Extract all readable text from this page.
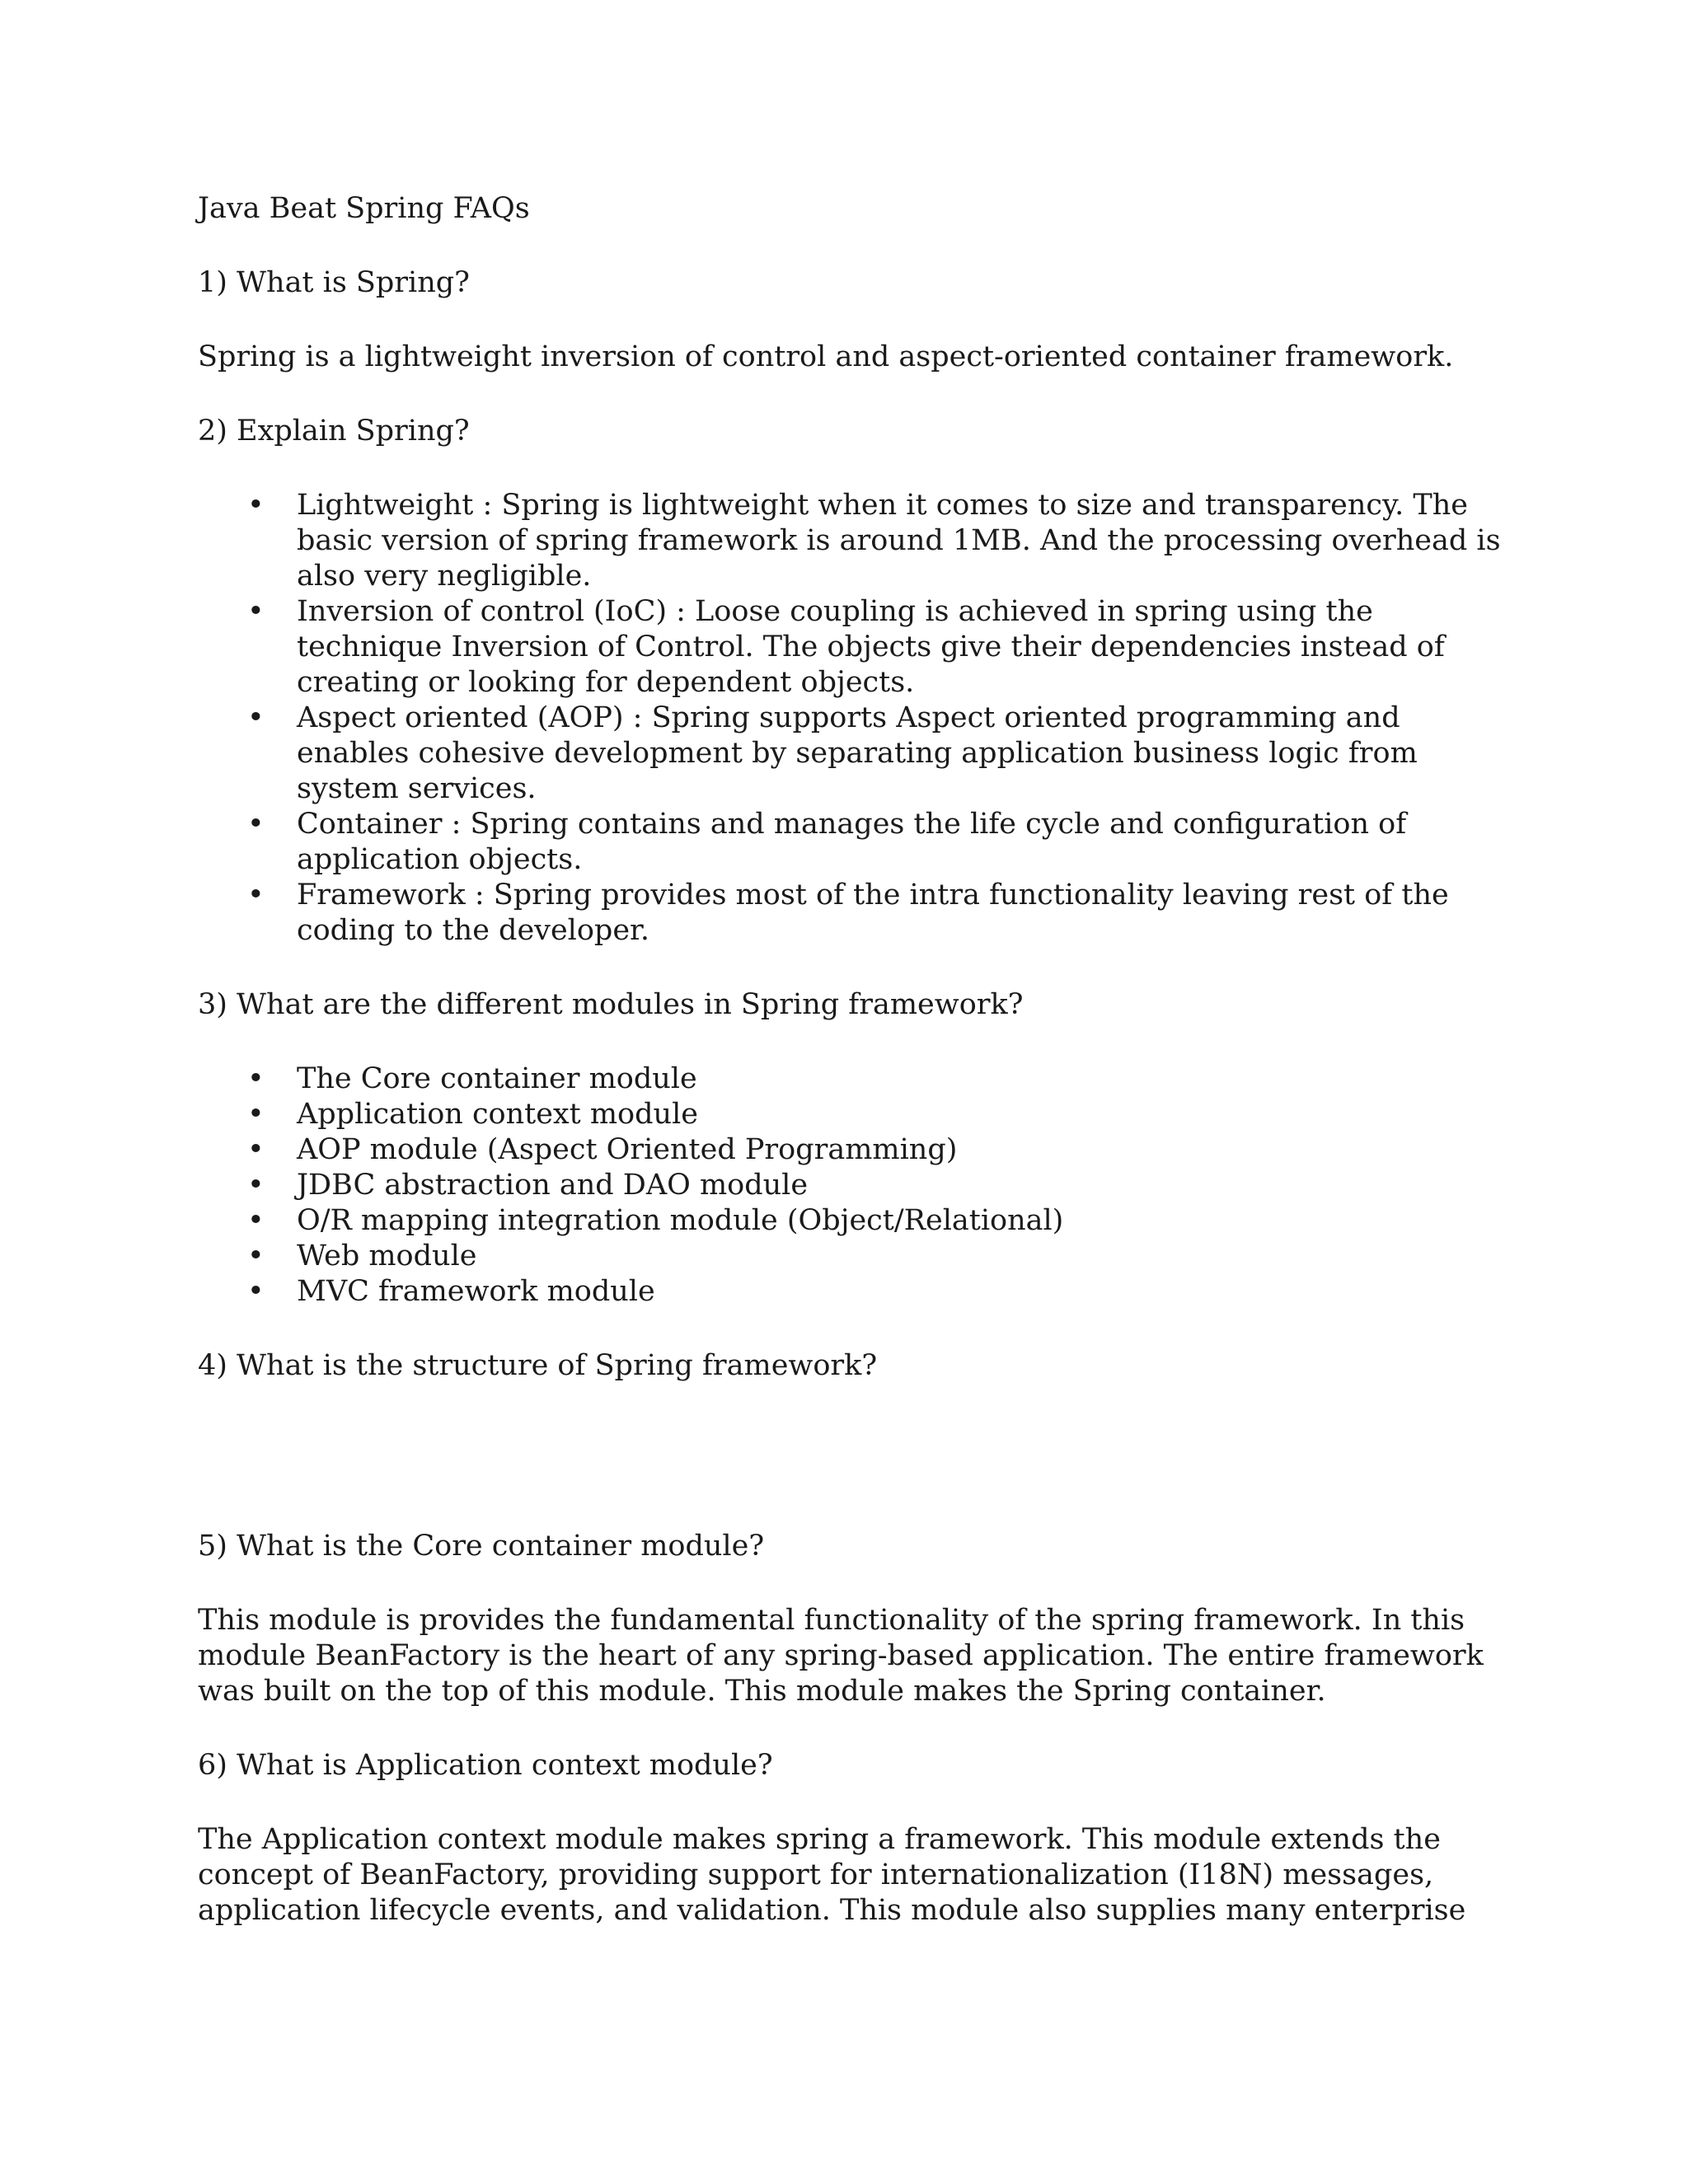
Java Beat Spring FAQs

1) What is Spring?

Spring is a lightweight inversion of control and aspect-oriented container framework.

2) Explain Spring?

• Lightweight : Spring is lightweight when it comes to size and transparency. The basic version of spring framework is around 1MB. And the processing overhead is also very negligible.
• Inversion of control (IoC) : Loose coupling is achieved in spring using the technique Inversion of Control. The objects give their dependencies instead of creating or looking for dependent objects.
• Aspect oriented (AOP) : Spring supports Aspect oriented programming and enables cohesive development by separating application business logic from system services.
• Container : Spring contains and manages the life cycle and configuration of application objects.
• Framework : Spring provides most of the intra functionality leaving rest of the coding to the developer.

3) What are the different modules in Spring framework?

• The Core container module
• Application context module
• AOP module (Aspect Oriented Programming)
• JDBC abstraction and DAO module
• O/R mapping integration module (Object/Relational)
• Web module
• MVC framework module

4) What is the structure of Spring framework?

5) What is the Core container module?

This module is provides the fundamental functionality of the spring framework. In this module BeanFactory is the heart of any spring-based application. The entire framework was built on the top of this module. This module makes the Spring container.

6) What is Application context module?

The Application context module makes spring a framework. This module extends the concept of BeanFactory, providing support for internationalization (I18N) messages, application lifecycle events, and validation. This module also supplies many enterprise
